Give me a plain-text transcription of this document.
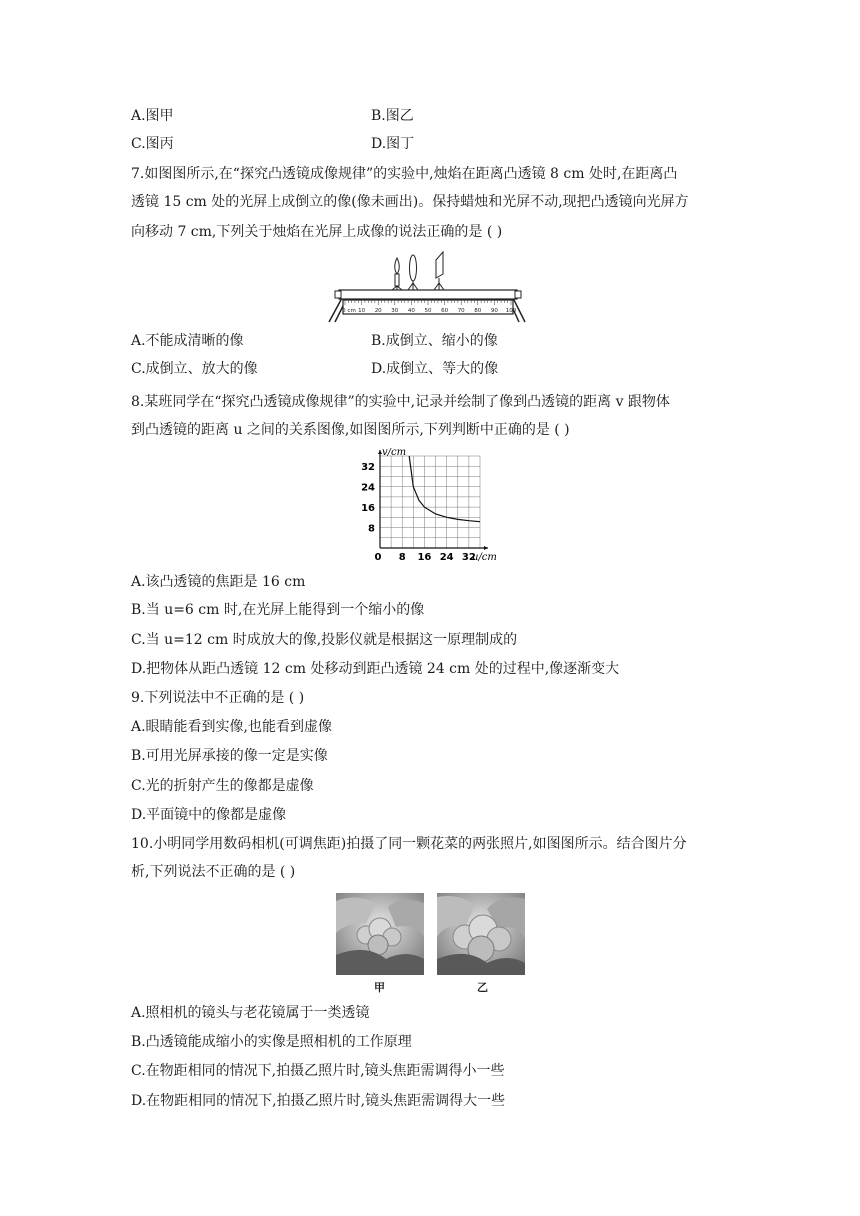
A.图甲	B.图乙
C.图丙	D.图丁
7.如图图所示,在“探究凸透镜成像规律”的实验中,烛焰在距离凸透镜 8 cm 处时,在距离凸
透镜 15 cm 处的光屏上成倒立的像(像未画出)。保持蜡烛和光屏不动,现把凸透镜向光屏方
向移动 7 cm,下列关于烛焰在光屏上成像的说法正确的是 ( )
0 cm 10 20 30 40 50 60 70 80 90 100
A.不能成清晰的像	B.成倒立、缩小的像
C.成倒立、放大的像	D.成倒立、等大的像
8.某班同学在“探究凸透镜成像规律”的实验中,记录并绘制了像到凸透镜的距离 v 跟物体
到凸透镜的距离 u 之间的关系图像,如图图所示,下列判断中正确的是 ( )
0 8 16 24 32
8
16
24
32
v/cm
u/cm
A.该凸透镜的焦距是 16 cm
B.当 u=6 cm 时,在光屏上能得到一个缩小的像
C.当 u=12 cm 时成放大的像,投影仪就是根据这一原理制成的
D.把物体从距凸透镜 12 cm 处移动到距凸透镜 24 cm 处的过程中,像逐渐变大
9.下列说法中不正确的是 ( )
A.眼睛能看到实像,也能看到虚像
B.可用光屏承接的像一定是实像
C.光的折射产生的像都是虚像
D.平面镜中的像都是虚像
10.小明同学用数码相机(可调焦距)拍摄了同一颗花菜的两张照片,如图图所示。结合图片分
析,下列说法不正确的是 ( )
甲	乙
A.照相机的镜头与老花镜属于一类透镜
B.凸透镜能成缩小的实像是照相机的工作原理
C.在物距相同的情况下,拍摄乙照片时,镜头焦距需调得小一些
D.在物距相同的情况下,拍摄乙照片时,镜头焦距需调得大一些
